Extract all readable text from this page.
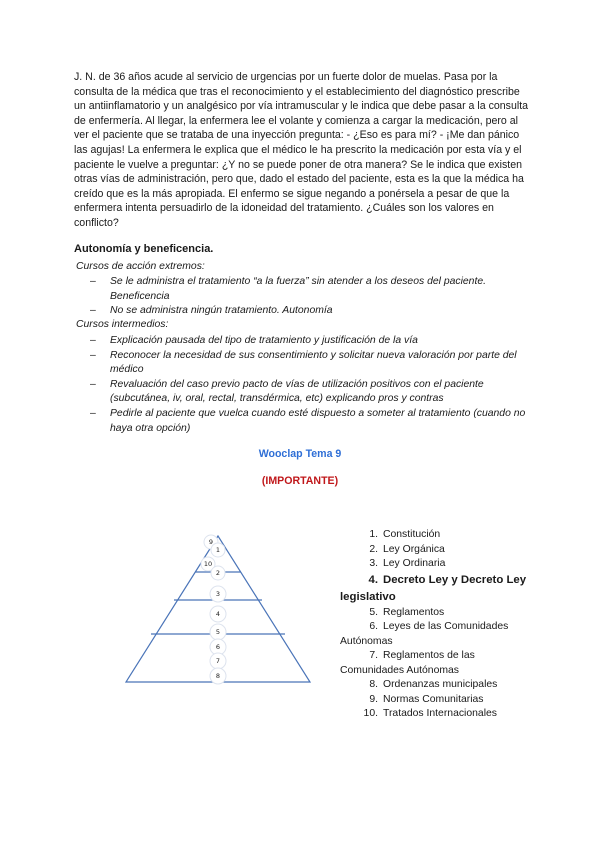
J. N. de 36 años acude al servicio de urgencias por un fuerte dolor de muelas. Pasa por la consulta de la médica que tras el reconocimiento y el establecimiento del diagnóstico prescribe un antiinflamatorio y un analgésico por vía intramuscular y le indica que debe pasar a la consulta de enfermería. Al llegar, la enfermera lee el volante y comienza a cargar la medicación, pero al ver el paciente que se trataba de una inyección pregunta: - ¿Eso es para mí? - ¡Me dan pánico las agujas! La enfermera le explica que el médico le ha prescrito la medicación por esta vía y el paciente le vuelve a preguntar: ¿Y no se puede poner de otra manera? Se le indica que existen otras vías de administración, pero que, dado el estado del paciente, esta es la que la médica ha creído que es la más apropiada. El enfermo se sigue negando a ponérsela a pesar de que la enfermera intenta persuadirlo de la idoneidad del tratamiento. ¿Cuáles son los valores en conflicto?

Autonomía y beneficencia.

Cursos de acción extremos:

– Se le administra el tratamiento “a la fuerza” sin atender a los deseos del paciente. Beneficencia
– No se administra ningún tratamiento. Autonomía

Cursos intermedios:

– Explicación pausada del tipo de tratamiento y justificación de la vía
– Reconocer la necesidad de sus consentimiento y solicitar nueva valoración por parte del médico
– Revaluación del caso previo pacto de vías de utilización positivos con el paciente (subcutánea, iv, oral, rectal, transdérmica, etc) explicando pros y contras
– Pedirle al paciente que vuelca cuando esté dispuesto a someter al tratamiento (cuando no haya otra opción)
Wooclap Tema 9
(IMPORTANTE)
9
1
10
2
3
4
5
6
7
8
1. Constitución
2. Ley Orgánica
3. Ley Ordinaria
4. Decreto Ley y Decreto Ley
legislativo
5. Reglamentos
6. Leyes de las Comunidades
Autónomas
7. Reglamentos de las
Comunidades Autónomas
8. Ordenanzas municipales
9. Normas Comunitarias
10. Tratados Internacionales
